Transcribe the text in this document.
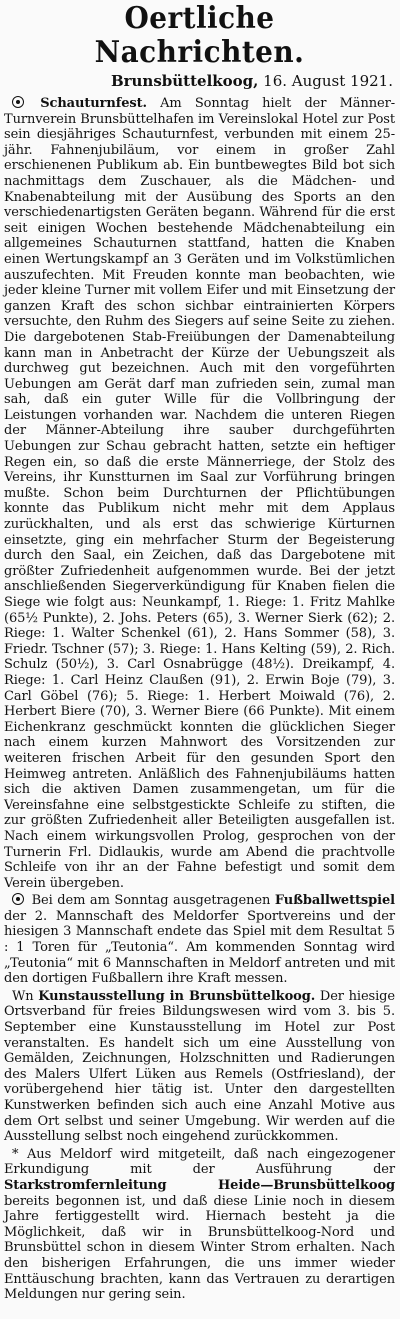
Oertliche Nachrichten.
Brunsbüttelkoog, 16. August 1921.

Schauturnfest. Am Sonntag hielt der Männer-Turnverein Brunsbüttelhafen im Vereinslokal Hotel zur Post sein diesjähriges Schauturnfest, verbunden mit einem 25-jähr. Fahnenjubiläum, vor einem in großer Zahl erschienenen Publikum ab. Ein buntbewegtes Bild bot sich nachmittags dem Zuschauer, als die Mädchen- und Knabenabteilung mit der Ausübung des Sports an den verschiedenartigsten Geräten begann. Während für die erst seit einigen Wochen bestehende Mädchenabteilung ein allgemeines Schauturnen stattfand, hatten die Knaben einen Wertungskampf an 3 Geräten und im Volkstümlichen auszufechten. Mit Freuden konnte man beobachten, wie jeder kleine Turner mit vollem Eifer und mit Einsetzung der ganzen Kraft des schon sichbar eintrainierten Körpers versuchte, den Ruhm des Siegers auf seine Seite zu ziehen. Die dargebotenen Stab-Freiübungen der Damenabteilung kann man in Anbetracht der Kürze der Uebungszeit als durchweg gut bezeichnen. Auch mit den vorgeführten Uebungen am Gerät darf man zufrieden sein, zumal man sah, daß ein guter Wille für die Vollbringung der Leistungen vorhanden war. Nachdem die unteren Riegen der Männer-Abteilung ihre sauber durchgeführten Uebungen zur Schau gebracht hatten, setzte ein heftiger Regen ein, so daß die erste Männerriege, der Stolz des Vereins, ihr Kunstturnen im Saal zur Vorführung bringen mußte. Schon beim Durchturnen der Pflichtübungen konnte das Publikum nicht mehr mit dem Applaus zurückhalten, und als erst das schwierige Kürturnen einsetzte, ging ein mehrfacher Sturm der Begeisterung durch den Saal, ein Zeichen, daß das Dargebotene mit größter Zufriedenheit aufgenommen wurde. Bei der jetzt anschließenden Siegerverkündigung für Knaben fielen die Siege wie folgt aus: Neunkampf, 1. Riege: 1. Fritz Mahlke (65½ Punkte), 2. Johs. Peters (65), 3. Werner Sierk (62); 2. Riege: 1. Walter Schenkel (61), 2. Hans Sommer (58), 3. Friedr. Tschner (57); 3. Riege: 1. Hans Kelting (59), 2. Rich. Schulz (50½), 3. Carl Osnabrügge (48½). Dreikampf, 4. Riege: 1. Carl Heinz Claußen (91), 2. Erwin Boje (79), 3. Carl Göbel (76); 5. Riege: 1. Herbert Moiwald (76), 2. Herbert Biere (70), 3. Werner Biere (66 Punkte). Mit einem Eichenkranz geschmückt konnten die glücklichen Sieger nach einem kurzen Mahnwort des Vorsitzenden zur weiteren frischen Arbeit für den gesunden Sport den Heimweg antreten. Anläßlich des Fahnenjubiläums hatten sich die aktiven Damen zusammengetan, um für die Vereinsfahne eine selbstgestickte Schleife zu stiften, die zur größten Zufriedenheit aller Beteiligten ausgefallen ist. Nach einem wirkungsvollen Prolog, gesprochen von der Turnerin Frl. Didlaukis, wurde am Abend die prachtvolle Schleife von ihr an der Fahne befestigt und somit dem Verein übergeben.

Bei dem am Sonntag ausgetragenen Fußballwettspiel der 2. Mannschaft des Meldorfer Sportvereins und der hiesigen 3 Mannschaft endete das Spiel mit dem Resultat 5 : 1 Toren für „Teutonia“. Am kommenden Sonntag wird „Teutonia“ mit 6 Mannschaften in Meldorf antreten und mit den dortigen Fußballern ihre Kraft messen.

Wn Kunstausstellung in Brunsbüttelkoog. Der hiesige Ortsverband für freies Bildungswesen wird vom 3. bis 5. September eine Kunstausstellung im Hotel zur Post veranstalten. Es handelt sich um eine Ausstellung von Gemälden, Zeichnungen, Holzschnitten und Radierungen des Malers Ulfert Lüken aus Remels (Ostfriesland), der vorübergehend hier tätig ist. Unter den dargestellten Kunstwerken befinden sich auch eine Anzahl Motive aus dem Ort selbst und seiner Umgebung. Wir werden auf die Ausstellung selbst noch eingehend zurückkommen.

* Aus Meldorf wird mitgeteilt, daß nach eingezogener Erkundigung mit der Ausführung der Starkstromfernleitung Heide—Brunsbüttelkoog bereits begonnen ist, und daß diese Linie noch in diesem Jahre fertiggestellt wird. Hiernach besteht ja die Möglichkeit, daß wir in Brunsbüttelkoog-Nord und Brunsbüttel schon in diesem Winter Strom erhalten. Nach den bisherigen Erfahrungen, die uns immer wieder Enttäuschung brachten, kann das Vertrauen zu derartigen Meldungen nur gering sein.
